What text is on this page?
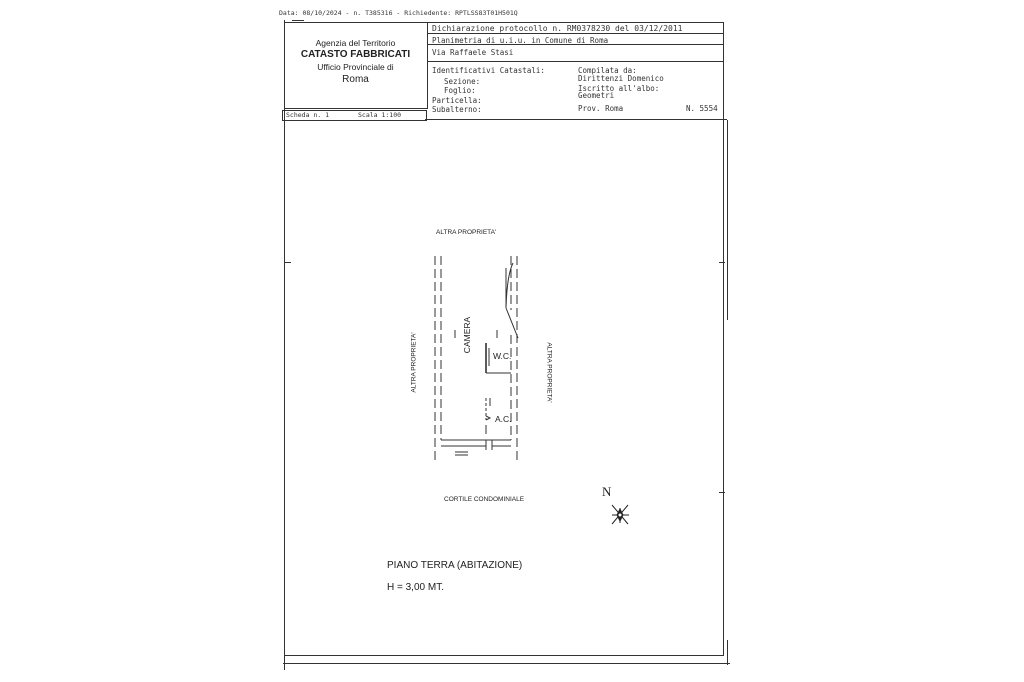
Data: 08/10/2024 - n. T385316 - Richiedente: RPTLSS83T01H501Q
Agenzia del Territorio
CATASTO FABBRICATI
Ufficio Provinciale di
Roma
Dichiarazione protocollo n. RM0378230 del 03/12/2011
Planimetria di u.i.u. in Comune di Roma
Via Raffaele Stasi
Identificativi Catastali:
Sezione:
Foglio:
Particella:
Subalterno:
Compilata da:
Dirittenzi Domenico
Iscritto all'albo:
Geometri
Prov. Roma	N. 5554
Scheda n. 1	Scala 1:100
ALTRA PROPRIETA'
ALTRA PROPRIETA'	ALTRA PROPRIETA'
CORTILE CONDOMINIALE
CAMERA
W.C.
A.C.
N
PIANO TERRA (ABITAZIONE)
H = 3,00 MT.
